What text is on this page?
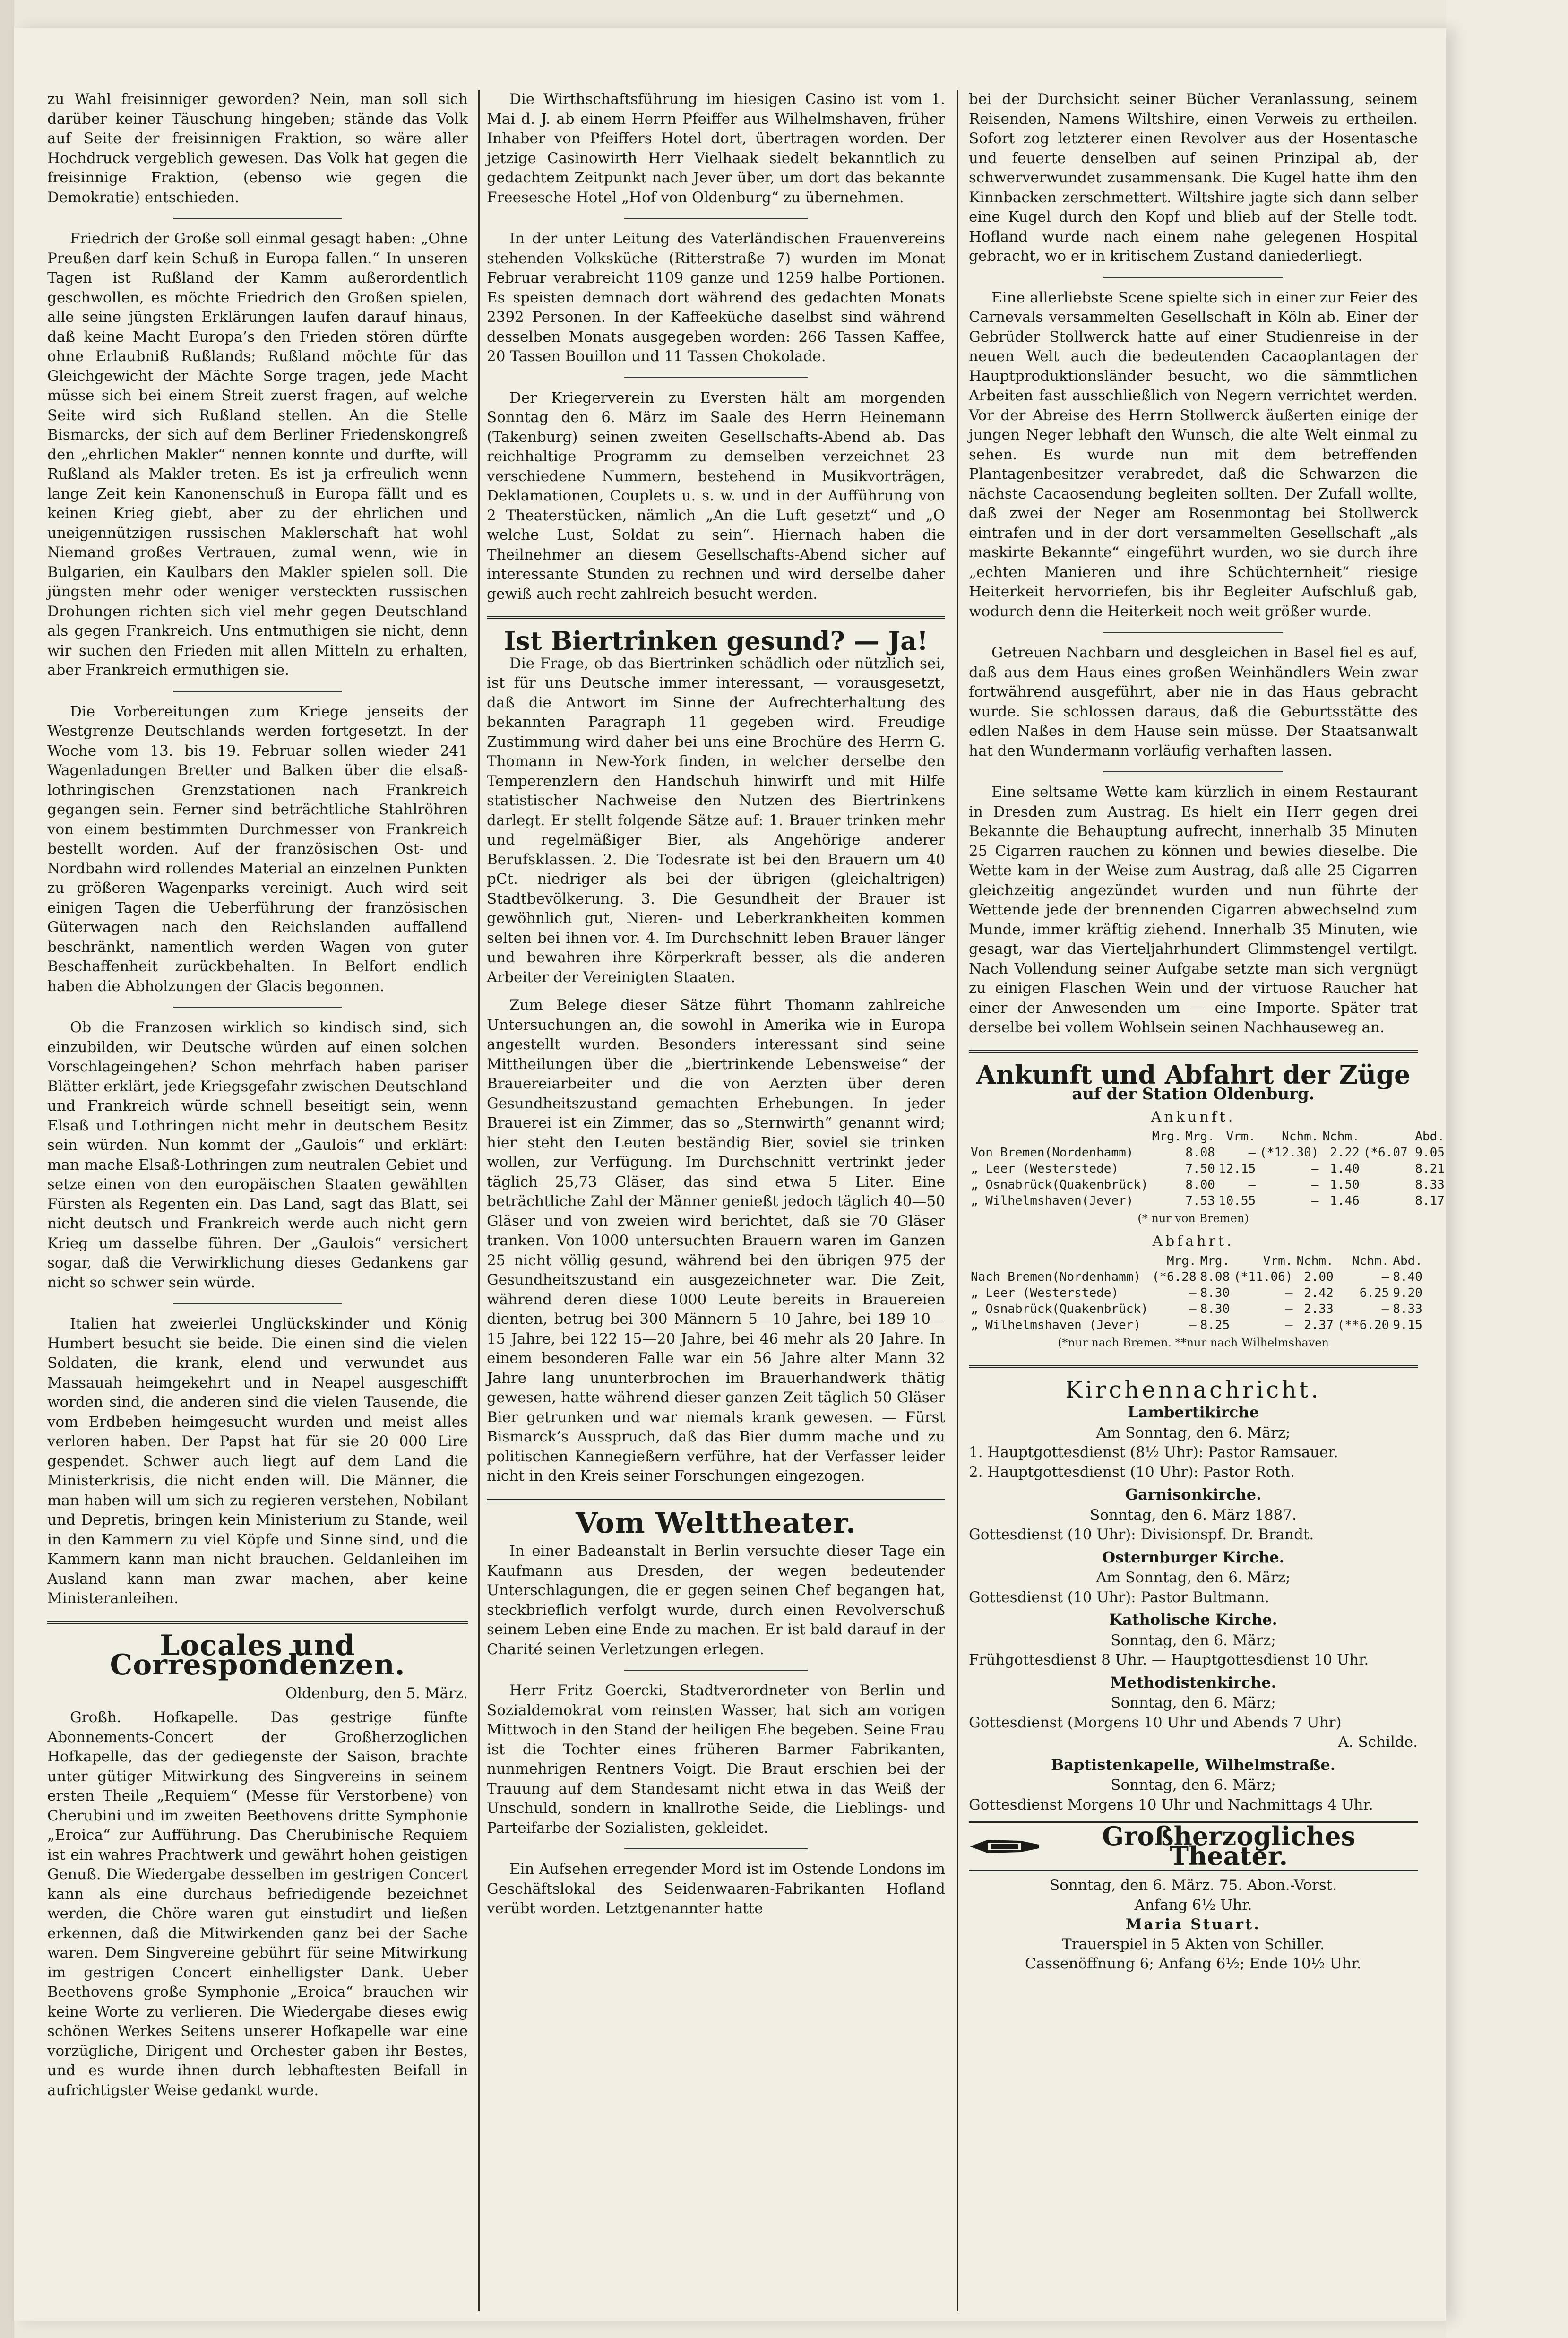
zu Wahl freisinniger geworden? Nein, man soll sich darüber keiner Täuschung hingeben; stände das Volk auf Seite der freisinnigen Fraktion, so wäre aller Hochdruck vergeblich gewesen. Das Volk hat gegen die freisinnige Fraktion, (ebenso wie gegen die Demokratie) entschieden.

Friedrich der Große soll einmal gesagt haben: „Ohne Preußen darf kein Schuß in Europa fallen.“ In unseren Tagen ist Rußland der Kamm außerordentlich geschwollen, es möchte Friedrich den Großen spielen, alle seine jüngsten Erklärungen laufen darauf hinaus, daß keine Macht Europa’s den Frieden stören dürfte ohne Erlaubniß Rußlands; Rußland möchte für das Gleichgewicht der Mächte Sorge tragen, jede Macht müsse sich bei einem Streit zuerst fragen, auf welche Seite wird sich Rußland stellen. An die Stelle Bismarcks, der sich auf dem Berliner Friedenskongreß den „ehrlichen Makler“ nennen konnte und durfte, will Rußland als Makler treten. Es ist ja erfreulich wenn lange Zeit kein Kanonenschuß in Europa fällt und es keinen Krieg giebt, aber zu der ehrlichen und uneigennützigen russischen Maklerschaft hat wohl Niemand großes Vertrauen, zumal wenn, wie in Bulgarien, ein Kaulbars den Makler spielen soll. Die jüngsten mehr oder weniger versteckten russischen Drohungen richten sich viel mehr gegen Deutschland als gegen Frankreich. Uns entmuthigen sie nicht, denn wir suchen den Frieden mit allen Mitteln zu erhalten, aber Frankreich ermuthigen sie.

Die Vorbereitungen zum Kriege jenseits der Westgrenze Deutschlands werden fortgesetzt. In der Woche vom 13. bis 19. Februar sollen wieder 241 Wagenladungen Bretter und Balken über die elsaß-lothringischen Grenzstationen nach Frankreich gegangen sein. Ferner sind beträchtliche Stahlröhren von einem bestimmten Durchmesser von Frankreich bestellt worden. Auf der französischen Ost- und Nordbahn wird rollendes Material an einzelnen Punkten zu größeren Wagenparks vereinigt. Auch wird seit einigen Tagen die Ueberführung der französischen Güterwagen nach den Reichslanden auffallend beschränkt, namentlich werden Wagen von guter Beschaffenheit zurückbehalten. In Belfort endlich haben die Abholzungen der Glacis begonnen.

Ob die Franzosen wirklich so kindisch sind, sich einzubilden, wir Deutsche würden auf einen solchen Vorschlageingehen? Schon mehrfach haben pariser Blätter erklärt, jede Kriegsgefahr zwischen Deutschland und Frankreich würde schnell beseitigt sein, wenn Elsaß und Lothringen nicht mehr in deutschem Besitz sein würden. Nun kommt der „Gaulois“ und erklärt: man mache Elsaß-Lothringen zum neutralen Gebiet und setze einen von den europäischen Staaten gewählten Fürsten als Regenten ein. Das Land, sagt das Blatt, sei nicht deutsch und Frankreich werde auch nicht gern Krieg um dasselbe führen. Der „Gaulois“ versichert sogar, daß die Verwirklichung dieses Gedankens gar nicht so schwer sein würde.

Italien hat zweierlei Unglückskinder und König Humbert besucht sie beide. Die einen sind die vielen Soldaten, die krank, elend und verwundet aus Massauah heimgekehrt und in Neapel ausgeschifft worden sind, die anderen sind die vielen Tausende, die vom Erdbeben heimgesucht wurden und meist alles verloren haben. Der Papst hat für sie 20 000 Lire gespendet. Schwer auch liegt auf dem Land die Ministerkrisis, die nicht enden will. Die Männer, die man haben will um sich zu regieren verstehen, Nobilant und Depretis, bringen kein Ministerium zu Stande, weil in den Kammern zu viel Köpfe und Sinne sind, und die Kammern kann man nicht brauchen. Geldanleihen im Ausland kann man zwar machen, aber keine Ministeranleihen.

Locales und Correspondenzen.
Oldenburg, den 5. März.

Großh. Hofkapelle. Das gestrige fünfte Abonnements-Concert der Großherzoglichen Hofkapelle, das der gediegenste der Saison, brachte unter gütiger Mitwirkung des Singvereins in seinem ersten Theile „Requiem“ (Messe für Verstorbene) von Cherubini und im zweiten Beethovens dritte Symphonie „Eroica“ zur Aufführung. Das Cherubinische Requiem ist ein wahres Prachtwerk und gewährt hohen geistigen Genuß. Die Wiedergabe desselben im gestrigen Concert kann als eine durchaus befriedigende bezeichnet werden, die Chöre waren gut einstudirt und ließen erkennen, daß die Mitwirkenden ganz bei der Sache waren. Dem Singvereine gebührt für seine Mitwirkung im gestrigen Concert einhelligster Dank. Ueber Beethovens große Symphonie „Eroica“ brauchen wir keine Worte zu verlieren. Die Wiedergabe dieses ewig schönen Werkes Seitens unserer Hofkapelle war eine vorzügliche, Dirigent und Orchester gaben ihr Bestes, und es wurde ihnen durch lebhaftesten Beifall in aufrichtigster Weise gedankt wurde.

Die Wirthschaftsführung im hiesigen Casino ist vom 1. Mai d. J. ab einem Herrn Pfeiffer aus Wilhelmshaven, früher Inhaber von Pfeiffers Hotel dort, übertragen worden. Der jetzige Casinowirth Herr Vielhaak siedelt bekanntlich zu gedachtem Zeitpunkt nach Jever über, um dort das bekannte Freesesche Hotel „Hof von Oldenburg“ zu übernehmen.

In der unter Leitung des Vaterländischen Frauenvereins stehenden Volksküche (Ritterstraße 7) wurden im Monat Februar verabreicht 1109 ganze und 1259 halbe Portionen. Es speisten demnach dort während des gedachten Monats 2392 Personen. In der Kaffeeküche daselbst sind während desselben Monats ausgegeben worden: 266 Tassen Kaffee, 20 Tassen Bouillon und 11 Tassen Chokolade.

Der Kriegerverein zu Eversten hält am morgenden Sonntag den 6. März im Saale des Herrn Heinemann (Takenburg) seinen zweiten Gesellschafts-Abend ab. Das reichhaltige Programm zu demselben verzeichnet 23 verschiedene Nummern, bestehend in Musikvorträgen, Deklamationen, Couplets u. s. w. und in der Aufführung von 2 Theaterstücken, nämlich „An die Luft gesetzt“ und „O welche Lust, Soldat zu sein“. Hiernach haben die Theilnehmer an diesem Gesellschafts-Abend sicher auf interessante Stunden zu rechnen und wird derselbe daher gewiß auch recht zahlreich besucht werden.

Ist Biertrinken gesund? — Ja!

Die Frage, ob das Biertrinken schädlich oder nützlich sei, ist für uns Deutsche immer interessant, — vorausgesetzt, daß die Antwort im Sinne der Aufrechterhaltung des bekannten Paragraph 11 gegeben wird. Freudige Zustimmung wird daher bei uns eine Brochüre des Herrn G. Thomann in New-York finden, in welcher derselbe den Temperenzlern den Handschuh hinwirft und mit Hilfe statistischer Nachweise den Nutzen des Biertrinkens darlegt. Er stellt folgende Sätze auf: 1. Brauer trinken mehr und regelmäßiger Bier, als Angehörige anderer Berufsklassen. 2. Die Todesrate ist bei den Brauern um 40 pCt. niedriger als bei der übrigen (gleichaltrigen) Stadtbevölkerung. 3. Die Gesundheit der Brauer ist gewöhnlich gut, Nieren- und Leberkrankheiten kommen selten bei ihnen vor. 4. Im Durchschnitt leben Brauer länger und bewahren ihre Körperkraft besser, als die anderen Arbeiter der Vereinigten Staaten.

Zum Belege dieser Sätze führt Thomann zahlreiche Untersuchungen an, die sowohl in Amerika wie in Europa angestellt wurden. Besonders interessant sind seine Mittheilungen über die „biertrinkende Lebensweise“ der Brauereiarbeiter und die von Aerzten über deren Gesundheitszustand gemachten Erhebungen. In jeder Brauerei ist ein Zimmer, das so „Sternwirth“ genannt wird; hier steht den Leuten beständig Bier, soviel sie trinken wollen, zur Verfügung. Im Durchschnitt vertrinkt jeder täglich 25,73 Gläser, das sind etwa 5 Liter. Eine beträchtliche Zahl der Männer genießt jedoch täglich 40—50 Gläser und von zweien wird berichtet, daß sie 70 Gläser tranken. Von 1000 untersuchten Brauern waren im Ganzen 25 nicht völlig gesund, während bei den übrigen 975 der Gesundheitszustand ein ausgezeichneter war. Die Zeit, während deren diese 1000 Leute bereits in Brauereien dienten, betrug bei 300 Männern 5—10 Jahre, bei 189 10—15 Jahre, bei 122 15—20 Jahre, bei 46 mehr als 20 Jahre. In einem besonderen Falle war ein 56 Jahre alter Mann 32 Jahre lang ununterbrochen im Brauerhandwerk thätig gewesen, hatte während dieser ganzen Zeit täglich 50 Gläser Bier getrunken und war niemals krank gewesen. — Fürst Bismarck’s Ausspruch, daß das Bier dumm mache und zu politischen Kannegießern verführe, hat der Verfasser leider nicht in den Kreis seiner Forschungen eingezogen.

Vom Welttheater.

In einer Badeanstalt in Berlin versuchte dieser Tage ein Kaufmann aus Dresden, der wegen bedeutender Unterschlagungen, die er gegen seinen Chef begangen hat, steckbrieflich verfolgt wurde, durch einen Revolverschuß seinem Leben eine Ende zu machen. Er ist bald darauf in der Charité seinen Verletzungen erlegen.

Herr Fritz Goercki, Stadtverordneter von Berlin und Sozialdemokrat vom reinsten Wasser, hat sich am vorigen Mittwoch in den Stand der heiligen Ehe begeben. Seine Frau ist die Tochter eines früheren Barmer Fabrikanten, nunmehrigen Rentners Voigt. Die Braut erschien bei der Trauung auf dem Standesamt nicht etwa in das Weiß der Unschuld, sondern in knallrothe Seide, die Lieblings- und Parteifarbe der Sozialisten, gekleidet.

Ein Aufsehen erregender Mord ist im Ostende Londons im Geschäftslokal des Seidenwaaren-Fabrikanten Hofland verübt worden. Letztgenannter hatte

bei der Durchsicht seiner Bücher Veranlassung, seinem Reisenden, Namens Wiltshire, einen Verweis zu ertheilen. Sofort zog letzterer einen Revolver aus der Hosentasche und feuerte denselben auf seinen Prinzipal ab, der schwerverwundet zusammensank. Die Kugel hatte ihm den Kinnbacken zerschmettert. Wiltshire jagte sich dann selber eine Kugel durch den Kopf und blieb auf der Stelle todt. Hofland wurde nach einem nahe gelegenen Hospital gebracht, wo er in kritischem Zustand daniederliegt.

Eine allerliebste Scene spielte sich in einer zur Feier des Carnevals versammelten Gesellschaft in Köln ab. Einer der Gebrüder Stollwerck hatte auf einer Studienreise in der neuen Welt auch die bedeutenden Cacaoplantagen der Hauptproduktionsländer besucht, wo die sämmtlichen Arbeiten fast ausschließlich von Negern verrichtet werden. Vor der Abreise des Herrn Stollwerck äußerten einige der jungen Neger lebhaft den Wunsch, die alte Welt einmal zu sehen. Es wurde nun mit dem betreffenden Plantagenbesitzer verabredet, daß die Schwarzen die nächste Cacaosendung begleiten sollten. Der Zufall wollte, daß zwei der Neger am Rosenmontag bei Stollwerck eintrafen und in der dort versammelten Gesellschaft „als maskirte Bekannte“ eingeführt wurden, wo sie durch ihre „echten Manieren und ihre Schüchternheit“ riesige Heiterkeit hervorriefen, bis ihr Begleiter Aufschluß gab, wodurch denn die Heiterkeit noch weit größer wurde.

Getreuen Nachbarn und desgleichen in Basel fiel es auf, daß aus dem Haus eines großen Weinhändlers Wein zwar fortwährend ausgeführt, aber nie in das Haus gebracht wurde. Sie schlossen daraus, daß die Geburtsstätte des edlen Naßes in dem Hause sein müsse. Der Staatsanwalt hat den Wundermann vorläufig verhaften lassen.

Eine seltsame Wette kam kürzlich in einem Restaurant in Dresden zum Austrag. Es hielt ein Herr gegen drei Bekannte die Behauptung aufrecht, innerhalb 35 Minuten 25 Cigarren rauchen zu können und bewies dieselbe. Die Wette kam in der Weise zum Austrag, daß alle 25 Cigarren gleichzeitig angezündet wurden und nun führte der Wettende jede der brennenden Cigarren abwechselnd zum Munde, immer kräftig ziehend. Innerhalb 35 Minuten, wie gesagt, war das Vierteljahrhundert Glimmstengel vertilgt. Nach Vollendung seiner Aufgabe setzte man sich vergnügt zu einigen Flaschen Wein und der virtuose Raucher hat einer der Anwesenden um — eine Importe. Später trat derselbe bei vollem Wohlsein seinen Nachhauseweg an.

Ankunft und Abfahrt der Züge
auf der Station Oldenburg.
Ankunft.
	Mrg.	Mrg.	Vrm.	Nchm.	Nchm.	Abd.
Von Bremen(Nordenhamm)		8.08	—	(*12.30)	2.22	(*6.07 9.05
„ Leer (Westerstede)		7.50	12.15	—	1.40	8.21
„ Osnabrück(Quakenbrück)		8.00	—	—	1.50	8.33
„ Wilhelmshaven(Jever)		7.53	10.55	—	1.46	8.17
(* nur von Bremen)
Abfahrt.
	Mrg.	Mrg.	Vrm.	Nchm.	Nchm.	Abd.
Nach Bremen(Nordenhamm)	(*6.28	8.08	(*11.06)	2.00	—	8.40
„ Leer (Westerstede)	—	8.30	—	2.42	6.25	9.20
„ Osnabrück(Quakenbrück)	—	8.30	—	2.33	—	8.33
„ Wilhelmshaven (Jever)	—	8.25	—	2.37	(**6.20	9.15
(*nur nach Bremen. **nur nach Wilhelmshaven
Kirchennachricht.
Lambertikirche
Am Sonntag, den 6. März;
1. Hauptgottesdienst (8½ Uhr): Pastor Ramsauer.
2. Hauptgottesdienst (10 Uhr): Pastor Roth.
Garnisonkirche.
Sonntag, den 6. März 1887.
Gottesdienst (10 Uhr): Divisionspf. Dr. Brandt.
Osternburger Kirche.
Am Sonntag, den 6. März;
Gottesdienst (10 Uhr): Pastor Bultmann.
Katholische Kirche.
Sonntag, den 6. März;
Frühgottesdienst 8 Uhr. — Hauptgottesdienst 10 Uhr.
Methodistenkirche.
Sonntag, den 6. März;
Gottesdienst (Morgens 10 Uhr und Abends 7 Uhr)
A. Schilde.
Baptistenkapelle, Wilhelmstraße.
Sonntag, den 6. März;
Gottesdienst Morgens 10 Uhr und Nachmittags 4 Uhr.
Großherzogliches Theater.
Sonntag, den 6. März. 75. Abon.-Vorst.
Anfang 6½ Uhr.
Maria Stuart.
Trauerspiel in 5 Akten von Schiller.
Cassenöffnung 6; Anfang 6½; Ende 10½ Uhr.
